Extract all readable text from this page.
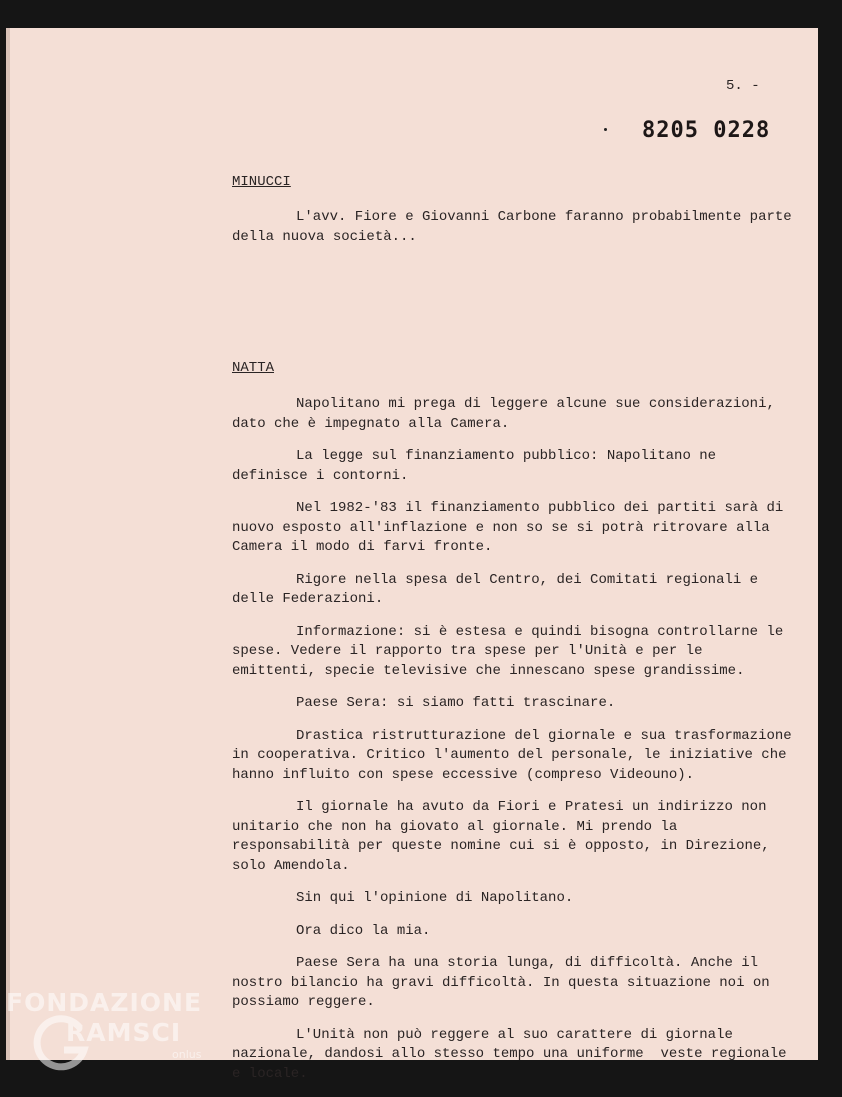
5. -
8205 0228
MINUCCI

L'avv. Fiore e Giovanni Carbone faranno probabilmente parte della nuova società...

NATTA

Napolitano mi prega di leggere alcune sue considerazioni, dato che è impegnato alla Camera.

La legge sul finanziamento pubblico: Napolitano ne definisce i contorni.

Nel 1982-'83 il finanziamento pubblico dei partiti sarà di nuovo esposto all'inflazione e non so se si potrà ritrovare alla Camera il modo di farvi fronte.

Rigore nella spesa del Centro, dei Comitati regionali e delle Federazioni.

Informazione: si è estesa e quindi bisogna controllarne le spese. Vedere il rapporto tra spese per l'Unità e per le emittenti, specie televisive che innescano spese grandissime.

Paese Sera: si siamo fatti trascinare.

Drastica ristrutturazione del giornale e sua trasformazione in cooperativa. Critico l'aumento del personale, le iniziative che hanno influito con spese eccessive (compreso Videouno).

Il giornale ha avuto da Fiori e Pratesi un indirizzo non unitario che non ha giovato al giornale. Mi prendo la responsabilità per queste nomine cui si è opposto, in Direzione, solo Amendola.

Sin qui l'opinione di Napolitano.

Ora dico la mia.

Paese Sera ha una storia lunga, di difficoltà. Anche il nostro bilancio ha gravi difficoltà. In questa situazione noi on possiamo reggere.

L'Unità non può reggere al suo carattere di giornale nazionale, dandosi allo stesso tempo una uniforme  veste regionale e locale.

FONDAZIONE
RAMSCI
onlus
